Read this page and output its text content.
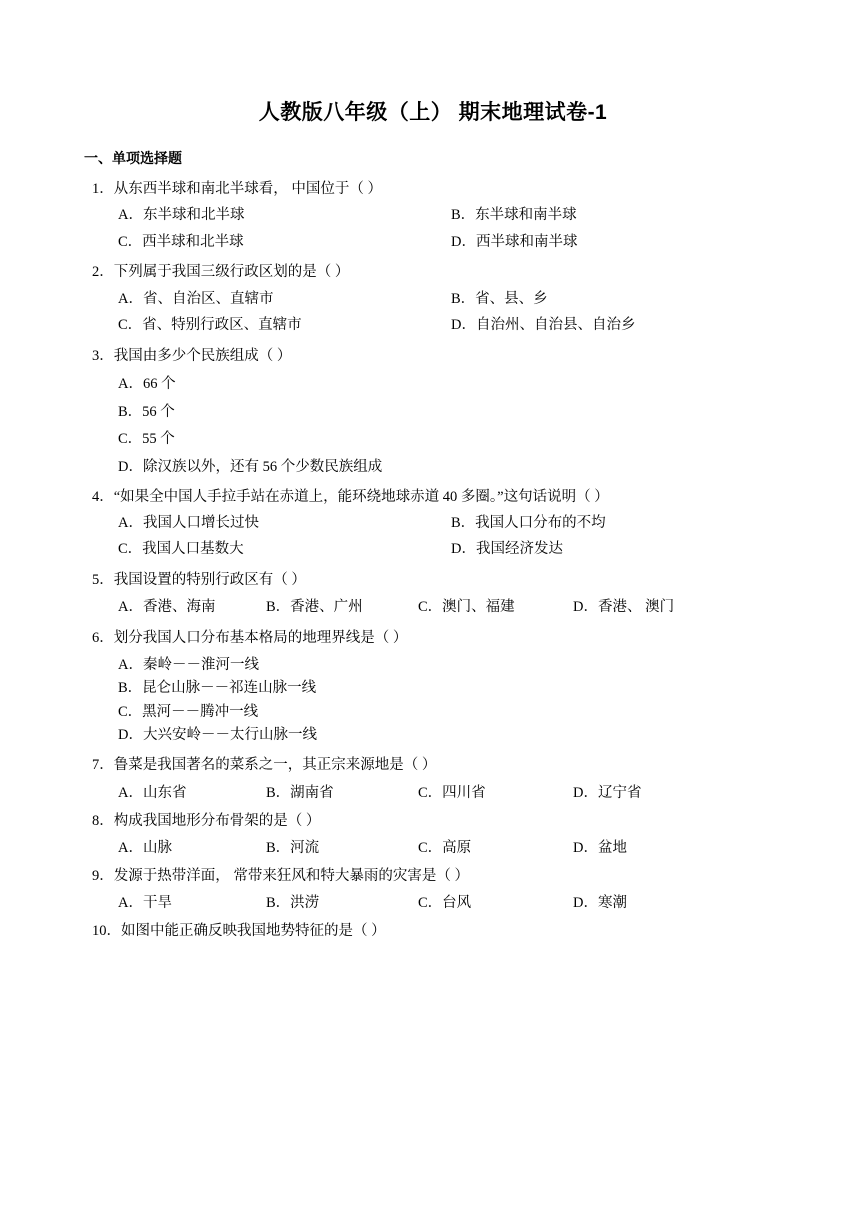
人教版八年级（上） 期末地理试卷-1
一、单项选择题
1．从东西半球和南北半球看， 中国位于（ ）
A．东半球和北半球	B．东半球和南半球
C．西半球和北半球	D．西半球和南半球
2．下列属于我国三级行政区划的是（ ）
A．省、自治区、直辖市	B．省、县、乡
C．省、特别行政区、直辖市	D．自治州、自治县、自治乡
3．我国由多少个民族组成（ ）
A．66 个
B．56 个
C．55 个
D．除汉族以外，还有 56 个少数民族组成
4．“如果全中国人手拉手站在赤道上，能环绕地球赤道 40 多圈。”这句话说明（ ）
A．我国人口增长过快	B．我国人口分布的不均
C．我国人口基数大	D．我国经济发达
5．我国设置的特别行政区有（ ）
A．香港、海南	B．香港、广州	C．澳门、福建	D．香港、 澳门
6．划分我国人口分布基本格局的地理界线是（ ）
A．秦岭－－淮河一线
B．昆仑山脉－－祁连山脉一线
C．黑河－－腾冲一线
D．大兴安岭－－太行山脉一线
7．鲁菜是我国著名的菜系之一，其正宗来源地是（ ）
A．山东省	B．湖南省	C．四川省	D．辽宁省
8．构成我国地形分布骨架的是（ ）
A．山脉	B．河流	C．高原	D．盆地
9．发源于热带洋面， 常带来狂风和特大暴雨的灾害是（ ）
A．干旱	B．洪涝	C．台风	D．寒潮
10．如图中能正确反映我国地势特征的是（ ）
